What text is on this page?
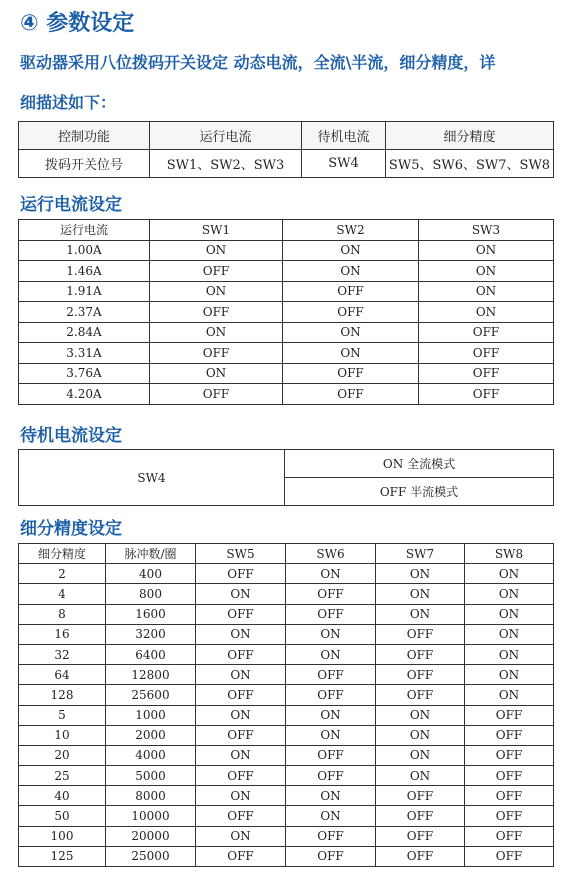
④ 参数设定
驱动器采用八位拨码开关设定 动态电流，全流\半流，细分精度，详
细描述如下：
控制功能	运行电流	待机电流	细分精度
拨码开关位号	SW1、SW2、SW3	SW4	SW5、SW6、SW7、SW8
运行电流设定
运行电流	SW1	SW2	SW3
1.00A	ON	ON	ON
1.46A	OFF	ON	ON
1.91A	ON	OFF	ON
2.37A	OFF	OFF	ON
2.84A	ON	ON	OFF
3.31A	OFF	ON	OFF
3.76A	ON	OFF	OFF
4.20A	OFF	OFF	OFF
待机电流设定
SW4	ON 全流模式
OFF 半流模式
细分精度设定
细分精度	脉冲数/圈	SW5	SW6	SW7	SW8
2	400	OFF	ON	ON	ON
4	800	ON	OFF	ON	ON
8	1600	OFF	OFF	ON	ON
16	3200	ON	ON	OFF	ON
32	6400	OFF	ON	OFF	ON
64	12800	ON	OFF	OFF	ON
128	25600	OFF	OFF	OFF	ON
5	1000	ON	ON	ON	OFF
10	2000	OFF	ON	ON	OFF
20	4000	ON	OFF	ON	OFF
25	5000	OFF	OFF	ON	OFF
40	8000	ON	ON	OFF	OFF
50	10000	OFF	ON	OFF	OFF
100	20000	ON	OFF	OFF	OFF
125	25000	OFF	OFF	OFF	OFF
